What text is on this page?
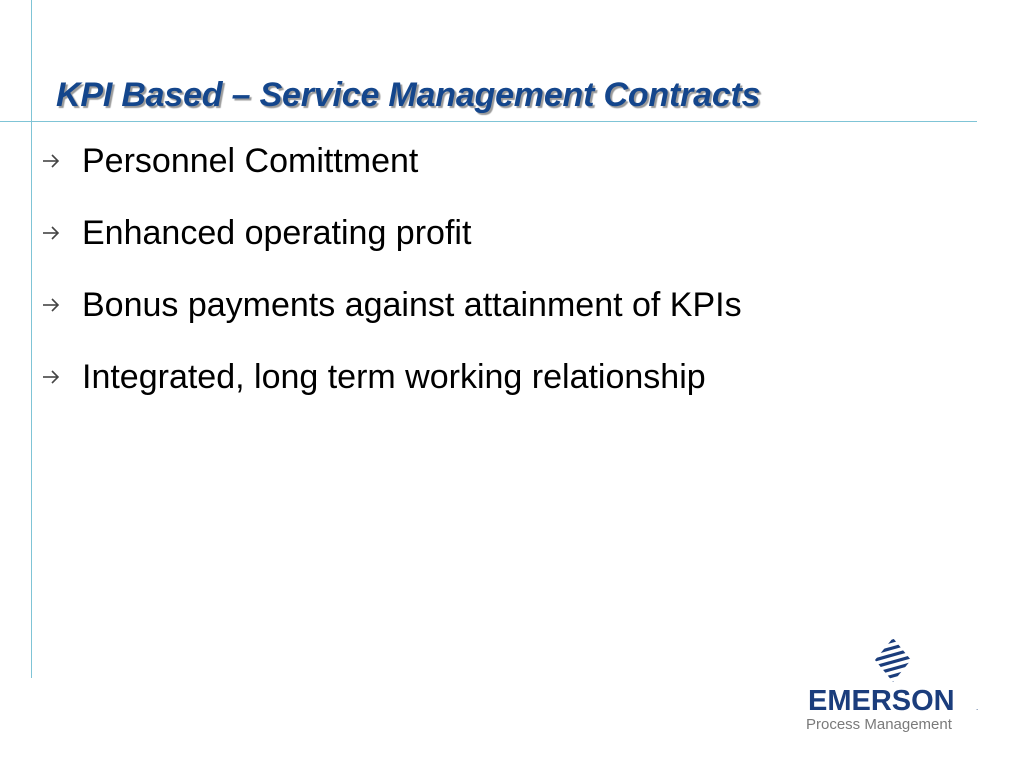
KPI Based – Service Management Contracts
Personnel Comittment
Enhanced operating profit
Bonus payments against attainment of KPIs
Integrated, long term working relationship
EMERSON	.
Process Management
